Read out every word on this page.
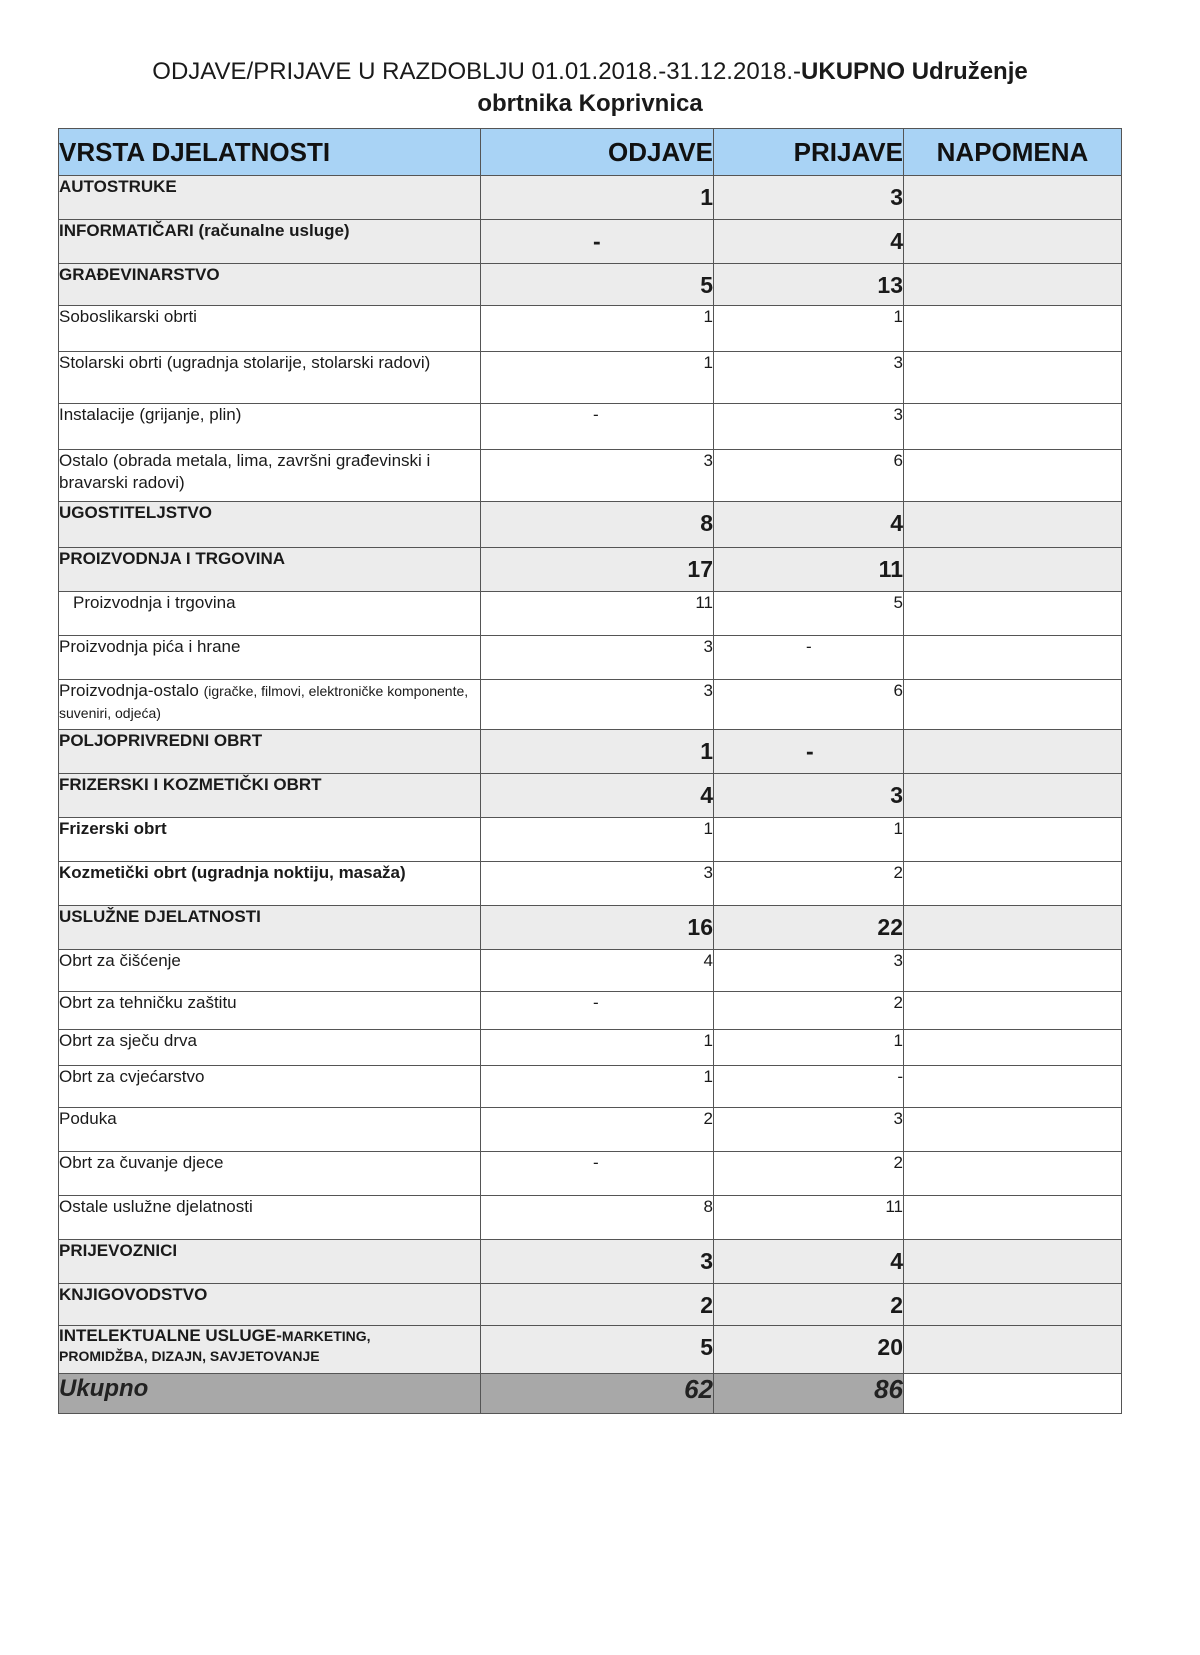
ODJAVE/PRIJAVE U RAZDOBLJU 01.01.2018.-31.12.2018.-UKUPNO Udruženje
obrtnika Koprivnica
VRSTA DJELATNOSTI	ODJAVE	PRIJAVE	NAPOMENA
AUTOSTRUKE	1	3	
INFORMATIČARI (računalne usluge)	-	4	
GRAĐEVINARSTVO	5	13	
Soboslikarski obrti	1	1	
Stolarski obrti (ugradnja stolarije, stolarski radovi)	1	3	
Instalacije (grijanje, plin)	-	3	
Ostalo (obrada metala, lima, završni građevinski i bravarski radovi)	3	6	
UGOSTITELJSTVO	8	4	
PROIZVODNJA I TRGOVINA	17	11	
Proizvodnja i trgovina	11	5	
Proizvodnja pića i hrane	3	-	
Proizvodnja-ostalo (igračke, filmovi, elektroničke komponente, suveniri, odjeća)	3	6	
POLJOPRIVREDNI OBRT	1	-	
FRIZERSKI I KOZMETIČKI OBRT	4	3	
Frizerski obrt	1	1	
Kozmetički obrt (ugradnja noktiju, masaža)	3	2	
USLUŽNE DJELATNOSTI	16	22	
Obrt za čišćenje	4	3	
Obrt za tehničku zaštitu	-	2	
Obrt za sječu drva	1	1	
Obrt za cvjećarstvo	1	-	
Poduka	2	3	
Obrt za čuvanje djece	-	2	
Ostale uslužne djelatnosti	8	11	
PRIJEVOZNICI	3	4	
KNJIGOVODSTVO	2	2	
INTELEKTUALNE USLUGE-MARKETING,
PROMIDŽBA, DIZAJN, SAVJETOVANJE	5	20	
Ukupno	62	86	
